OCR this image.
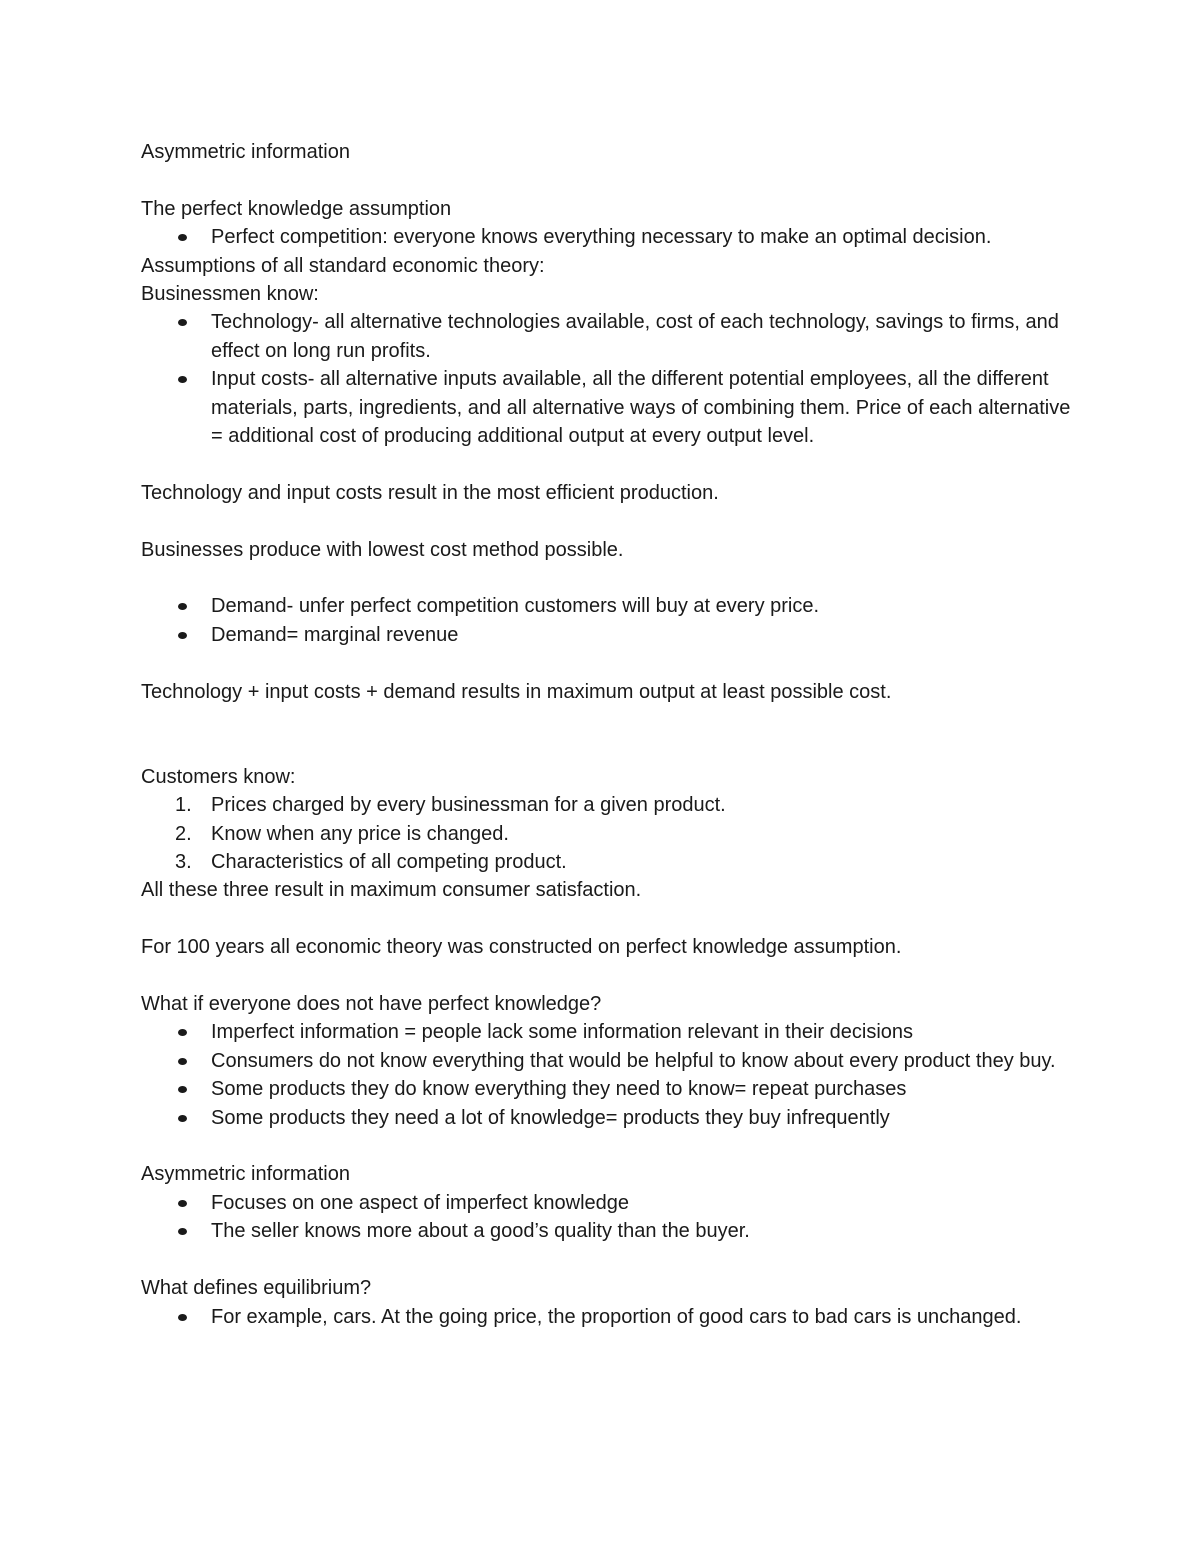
Asymmetric information

The perfect knowledge assumption

Perfect competition: everyone knows everything necessary to make an optimal decision.

Assumptions of all standard economic theory:

Businessmen know:

Technology- all alternative technologies available, cost of each technology, savings to firms, and effect on long run profits.
Input costs- all alternative inputs available, all the different potential employees, all the different materials, parts, ingredients, and all alternative ways of combining them. Price of each alternative = additional cost of producing additional output at every output level.

Technology and input costs result in the most efficient production.

Businesses produce with lowest cost method possible.

Demand- unfer perfect competition customers will buy at every price.
Demand= marginal revenue

Technology + input costs + demand results in maximum output at least possible cost.

Customers know:

1. Prices charged by every businessman for a given product.
2. Know when any price is changed.
3. Characteristics of all competing product.

All these three result in maximum consumer satisfaction.

For 100 years all economic theory was constructed on perfect knowledge assumption.

What if everyone does not have perfect knowledge?

Imperfect information = people lack some information relevant in their decisions
Consumers do not know everything that would be helpful to know about every product they buy.
Some products they do know everything they need to know= repeat purchases
Some products they need a lot of knowledge= products they buy infrequently

Asymmetric information

Focuses on one aspect of imperfect knowledge
The seller knows more about a good’s quality than the buyer.

What defines equilibrium?

For example, cars. At the going price, the proportion of good cars to bad cars is unchanged.
